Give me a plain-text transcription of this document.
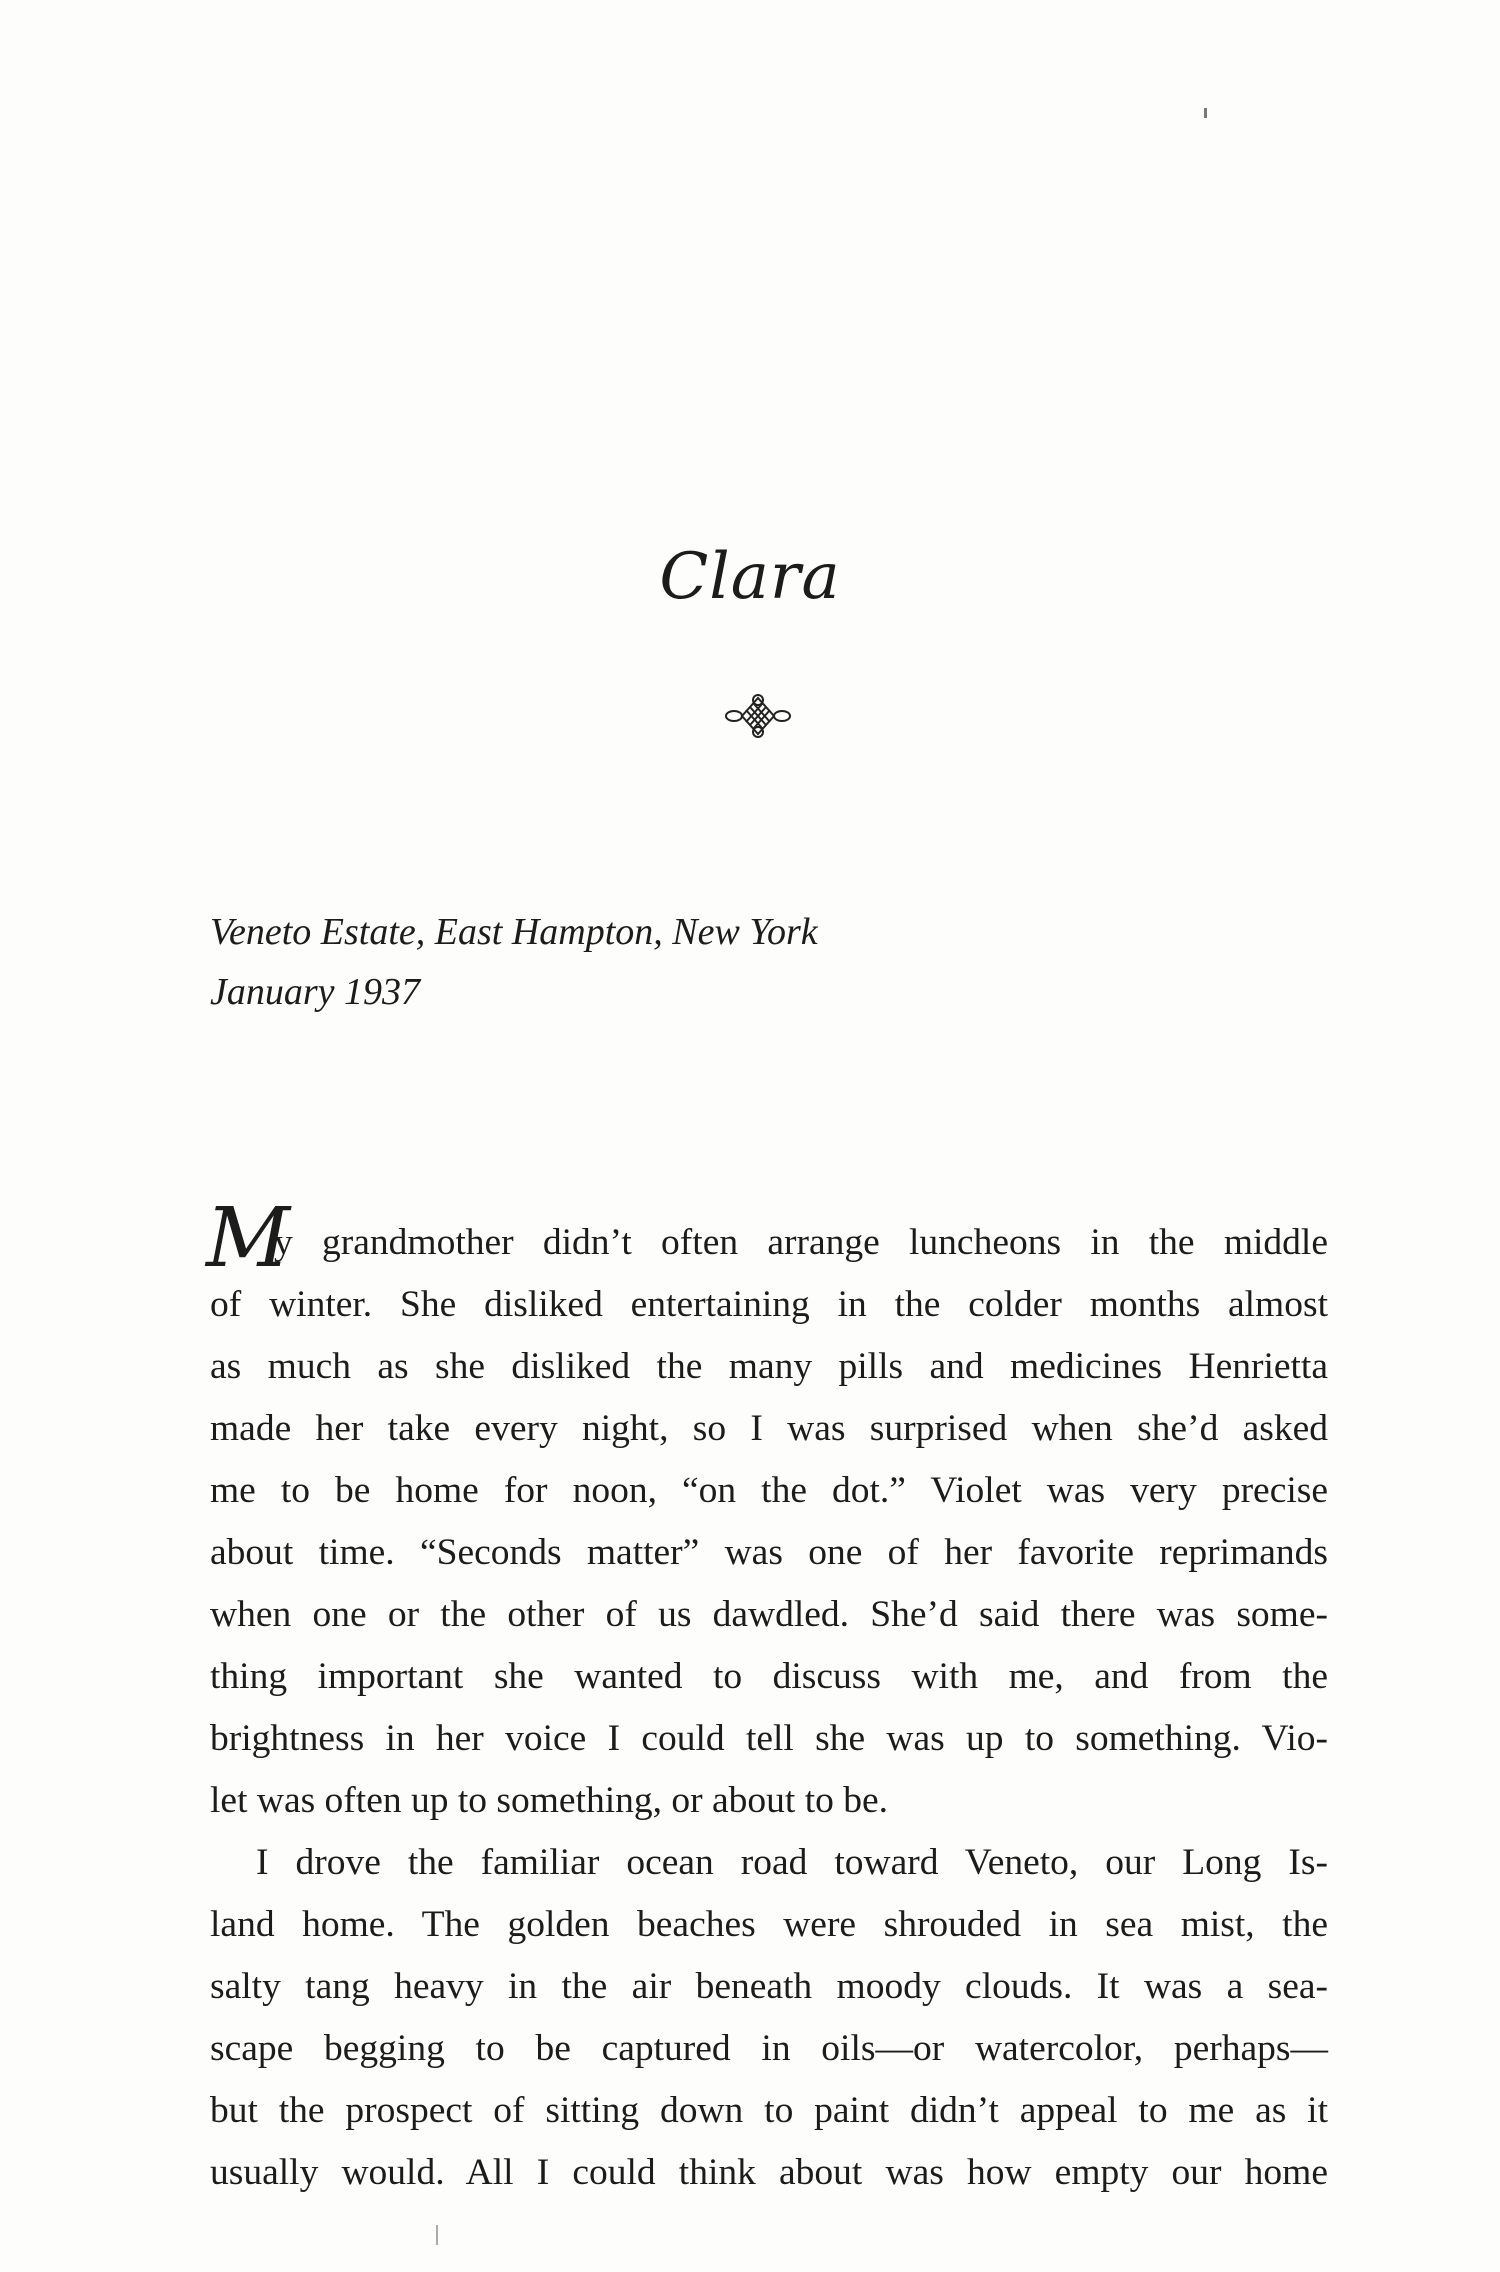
Clara
Veneto Estate, East Hampton, New York
January 1937
M
y grandmother didn’t often arrange luncheons in the middle
of winter. She disliked entertaining in the colder months almost
as much as she disliked the many pills and medicines Henrietta
made her take every night, so I was surprised when she’d asked
me to be home for noon, “on the dot.” Violet was very precise
about time. “Seconds matter” was one of her favorite reprimands
when one or the other of us dawdled. She’d said there was some-
thing important she wanted to discuss with me, and from the
brightness in her voice I could tell she was up to something. Vio-
let was often up to something, or about to be.
I drove the familiar ocean road toward Veneto, our Long Is-
land home. The golden beaches were shrouded in sea mist, the
salty tang heavy in the air beneath moody clouds. It was a sea-
scape begging to be captured in oils—or watercolor, perhaps—
but the prospect of sitting down to paint didn’t appeal to me as it
usually would. All I could think about was how empty our home
